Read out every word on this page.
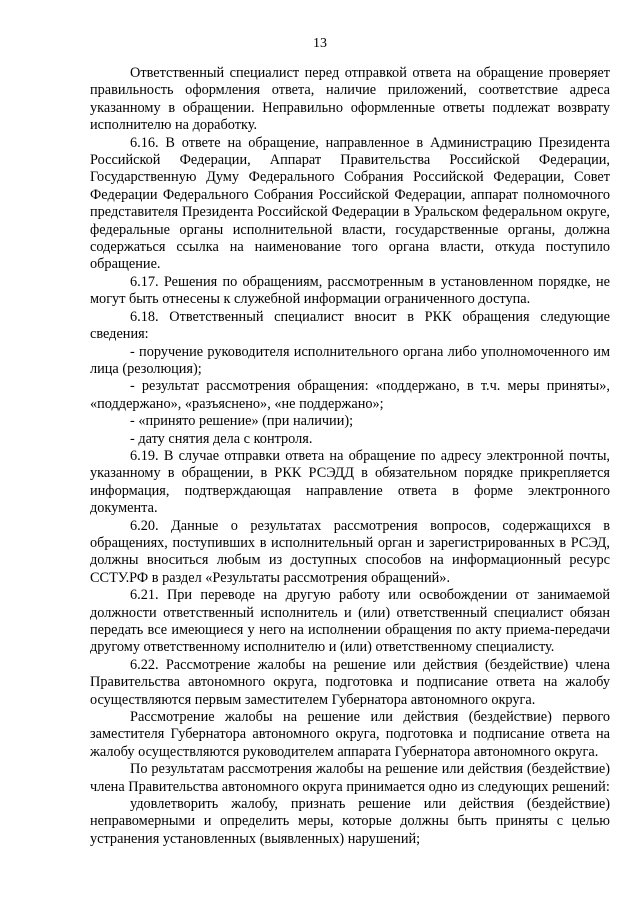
13

Ответственный специалист перед отправкой ответа на обращение проверяет правильность оформления ответа, наличие приложений, соответствие адреса указанному в обращении. Неправильно оформленные ответы подлежат возврату исполнителю на доработку.

6.16. В ответе на обращение, направленное в Администрацию Президента Российской Федерации, Аппарат Правительства Российской Федерации, Государственную Думу Федерального Собрания Российской Федерации, Совет Федерации Федерального Собрания Российской Федерации, аппарат полномочного представителя Президента Российской Федерации в Уральском федеральном округе, федеральные органы исполнительной власти, государственные органы, должна содержаться ссылка на наименование того органа власти, откуда поступило обращение.

6.17. Решения по обращениям, рассмотренным в установленном порядке, не могут быть отнесены к служебной информации ограниченного доступа.

6.18. Ответственный специалист вносит в РКК обращения следующие сведения:

- поручение руководителя исполнительного органа либо уполномоченного им лица (резолюция);

- результат рассмотрения обращения: «поддержано, в т.ч. меры приняты», «поддержано», «разъяснено», «не поддержано»;

- «принято решение» (при наличии);

- дату снятия дела с контроля.

6.19. В случае отправки ответа на обращение по адресу электронной почты, указанному в обращении, в РКК РСЭДД в обязательном порядке прикрепляется информация, подтверждающая направление ответа в форме электронного документа.

6.20. Данные о результатах рассмотрения вопросов, содержащихся в обращениях, поступивших в исполнительный орган и зарегистрированных в РСЭД, должны вноситься любым из доступных способов на информационный ресурс ССТУ.РФ в раздел «Результаты рассмотрения обращений».

6.21. При переводе на другую работу или освобождении от занимаемой должности ответственный исполнитель и (или) ответственный специалист обязан передать все имеющиеся у него на исполнении обращения по акту приема-передачи другому ответственному исполнителю и (или) ответственному специалисту.

6.22. Рассмотрение жалобы на решение или действия (бездействие) члена Правительства автономного округа, подготовка и подписание ответа на жалобу осуществляются первым заместителем Губернатора автономного округа.

Рассмотрение жалобы на решение или действия (бездействие) первого заместителя Губернатора автономного округа, подготовка и подписание ответа на жалобу осуществляются руководителем аппарата Губернатора автономного округа.

По результатам рассмотрения жалобы на решение или действия (бездействие) члена Правительства автономного округа принимается одно из следующих решений:

удовлетворить жалобу, признать решение или действия (бездействие) неправомерными и определить меры, которые должны быть приняты с целью устранения установленных (выявленных) нарушений;
